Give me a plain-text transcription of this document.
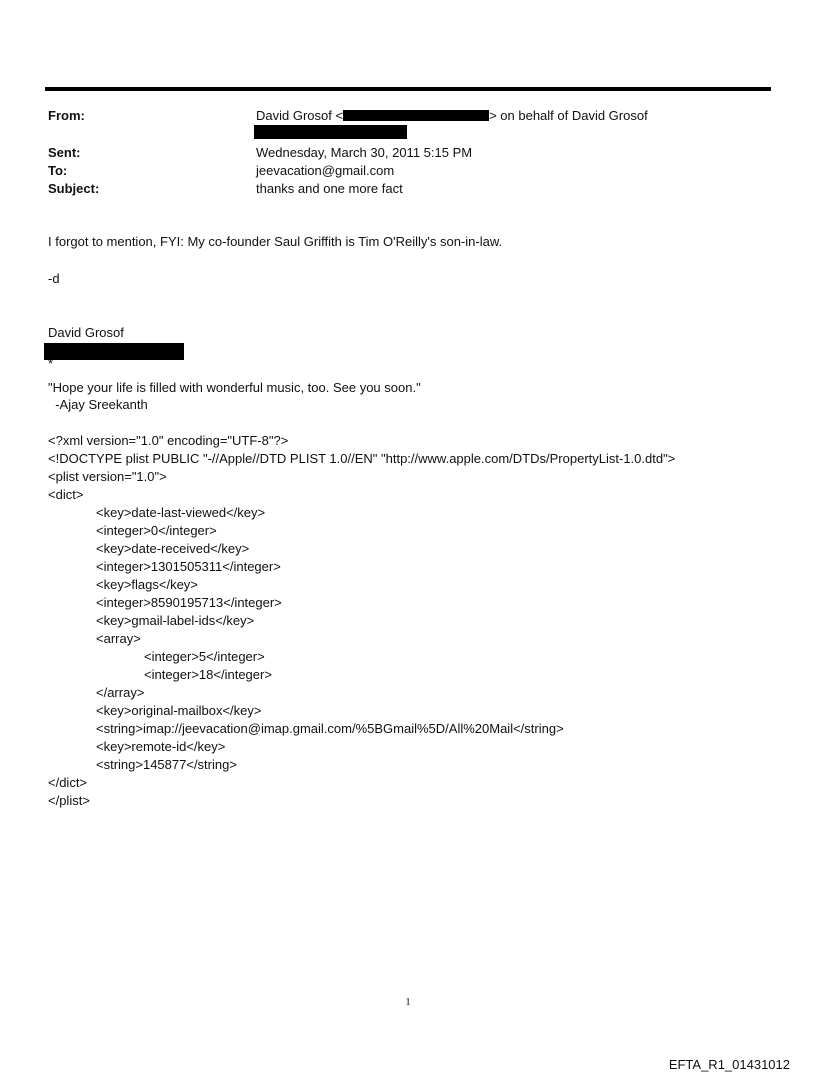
From:	David Grosof <	> on behalf of David Grosof
Sent:	Wednesday, March 30, 2011 5:15 PM
To:	jeevacation@gmail.com
Subject:	thanks and one more fact
I forgot to mention, FYI: My co-founder Saul Griffith is Tim O'Reilly's son-in-law.
-d
David Grosof
*
"Hope your life is filled with wonderful music, too. See you soon."
-Ajay Sreekanth
<?xml version="1.0" encoding="UTF-8"?>
<!DOCTYPE plist PUBLIC "-//Apple//DTD PLIST 1.0//EN" "http://www.apple.com/DTDs/PropertyList-1.0.dtd">
<plist version="1.0">
<dict>
<key>date-last-viewed</key>
<integer>0</integer>
<key>date-received</key>
<integer>1301505311</integer>
<key>flags</key>
<integer>8590195713</integer>
<key>gmail-label-ids</key>
<array>
<integer>5</integer>
<integer>18</integer>
</array>
<key>original-mailbox</key>
<string>imap://jeevacation@imap.gmail.com/%5BGmail%5D/All%20Mail</string>
<key>remote-id</key>
<string>145877</string>
</dict>
</plist>
1
EFTA_R1_01431012
